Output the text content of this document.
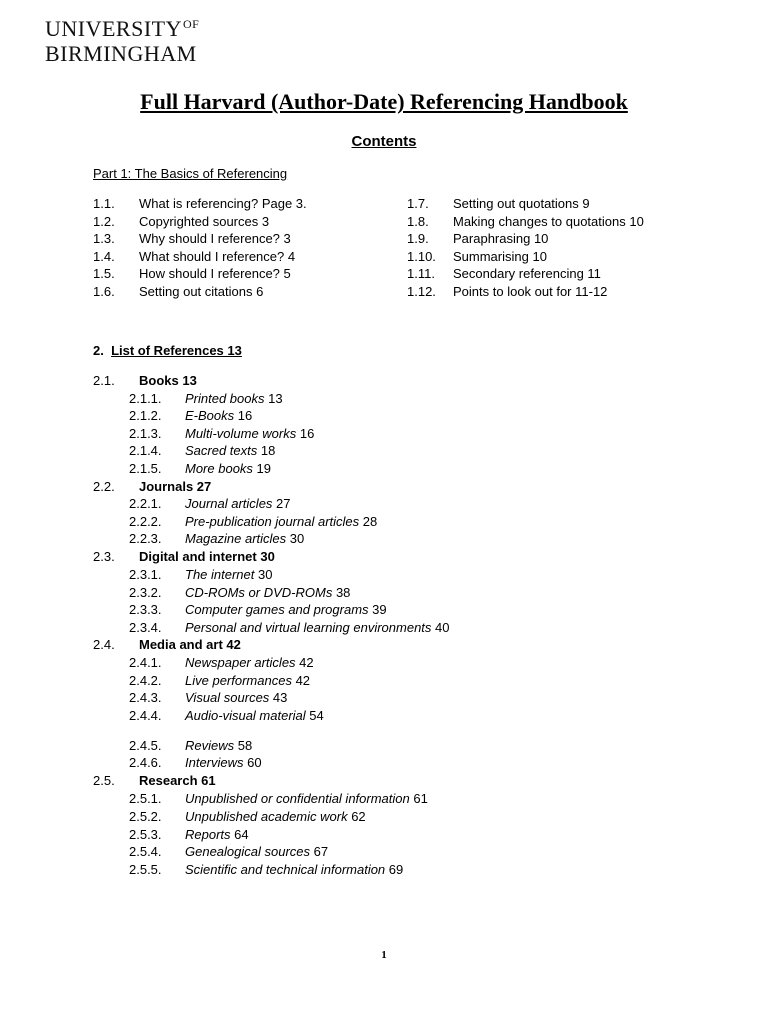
$UNIVERSITY^{OF}$
BIRMINGHAM
Full Harvard (Author-Date) Referencing Handbook
Contents
Part 1: The Basics of Referencing
1.1. What is referencing? Page 3.
1.2. Copyrighted sources 3
1.3. Why should I reference? 3
1.4. What should I reference? 4
1.5. How should I reference? 5
1.6. Setting out citations 6
1.7. Setting out quotations 9
1.8. Making changes to quotations 10
1.9. Paraphrasing 10
1.10. Summarising 10
1.11. Secondary referencing 11
1.12. Points to look out for 11-12
2. List of References 13
2.1. Books 13
2.1.1. Printed books 13
2.1.2. E-Books 16
2.1.3. Multi-volume works 16
2.1.4. Sacred texts 18
2.1.5. More books 19
2.2. Journals 27
2.2.1. Journal articles 27
2.2.2. Pre-publication journal articles 28
2.2.3. Magazine articles 30
2.3. Digital and internet 30
2.3.1. The internet 30
2.3.2. CD-ROMs or DVD-ROMs 38
2.3.3. Computer games and programs 39
2.3.4. Personal and virtual learning environments 40
2.4. Media and art 42
2.4.1. Newspaper articles 42
2.4.2. Live performances 42
2.4.3. Visual sources 43
2.4.4. Audio-visual material 54
2.4.5. Reviews 58
2.4.6. Interviews 60
2.5. Research 61
2.5.1. Unpublished or confidential information 61
2.5.2. Unpublished academic work 62
2.5.3. Reports 64
2.5.4. Genealogical sources 67
2.5.5. Scientific and technical information 69
1
